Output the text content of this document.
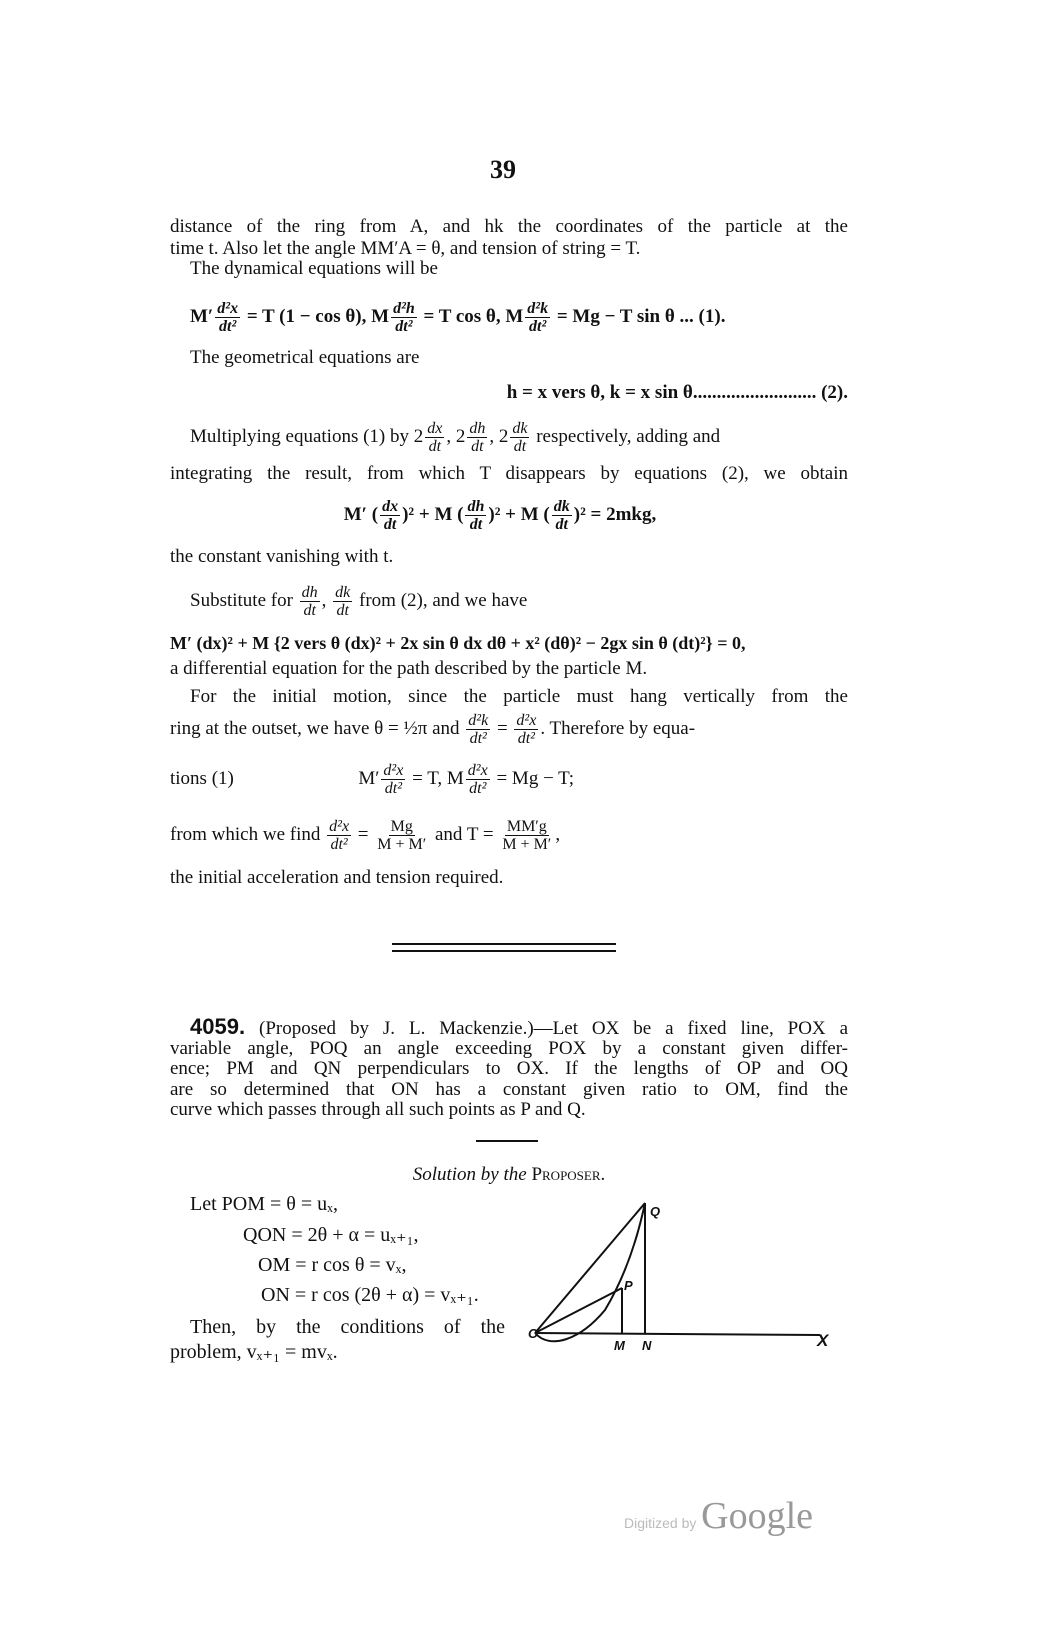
39
distance of the ring from A, and hk the coordinates of the particle at the
time t. Also let the angle MM′A = θ, and tension of string = T.
The dynamical equations will be
$M' \frac{\text{d²x}}{\text{dt²}} = T$ (1 − cos θ), M $\frac{\text{d²h}}{\text{dt²}} = T$ cos θ, M $\frac{\text{d²k}}{\text{dt²}} = Mg - T$ sin θ ... (1).
The geometrical equations are
h = x vers θ, k = x sin θ.......................... (2).
Multiplying equations (1) by $2 \frac{dx}{dt}$ , $2 \frac{dh}{dt}$ , $2 \frac{dk}{dt}$ respectively, adding and
integrating the result, from which T disappears by equations (2), we obtain
M′ ( $\frac{dx}{dt} )^2 + M$ ( $\frac{dh}{dt} )^2 + M$ ( $\frac{dk}{dt} )^2 = 2mkg$,
the constant vanishing with t.
Substitute for $\frac{dh}{dt}$ , $\frac{dk}{dt}$ from (2), and we have
M′ (dx)² + M {2 vers θ (dx)² + 2x sin θ dx dθ + x² (dθ)² − 2gx sin θ (dt)²} = 0,
a differential equation for the path described by the particle M.
For the initial motion, since the particle must hang vertically from the
ring at the outset, we have θ = ½π and $\frac{\text{d²k}}{\text{dt²}} = \frac{\text{d²x}}{\text{dt²}}$ . Therefore by equa-
tions (1)	$M' \frac{\text{d²x}}{\text{dt²}} = T$, M $\frac{\text{d²x}}{\text{dt²}} = Mg - T$;
from which we find $\frac{\text{d²x}}{\text{dt²}} = \frac{Mg}{M + M'}$ and $T = \frac{MM'g}{M + M'}$ ,
the initial acceleration and tension required.
4059. (Proposed by J. L. Mackenzie.)—Let OX be a fixed line, POX a
variable angle, POQ an angle exceeding POX by a constant given differ-
ence; PM and QN perpendiculars to OX. If the lengths of OP and OQ
are so determined that ON has a constant given ratio to OM, find the
curve which passes through all such points as P and Q.
Solution by the Proposer.
Let POM = θ = uₓ,
QON = 2θ + α = uₓ₊₁,
OM = r cos θ = vₓ,
ON = r cos (2θ + α) = vₓ₊₁.
Then, by the conditions of the
problem, vₓ₊₁ = mvₓ.
O
M N
P
Q
X
Digitized by Google
